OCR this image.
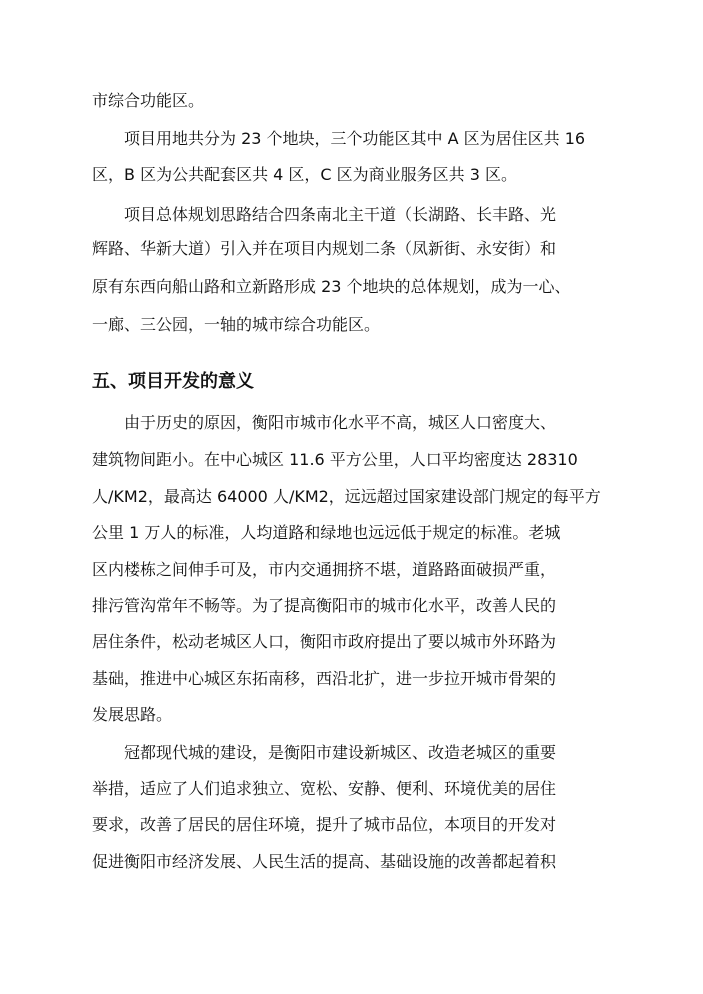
市综合功能区。
项目用地共分为 23 个地块，三个功能区其中 A 区为居住区共 16
区，B 区为公共配套区共 4 区，C 区为商业服务区共 3 区。
项目总体规划思路结合四条南北主干道（长湖路、长丰路、光
辉路、华新大道）引入并在项目内规划二条（凤新街、永安街）和
原有东西向船山路和立新路形成 23 个地块的总体规划，成为一心、
一廊、三公园，一轴的城市综合功能区。
五、项目开发的意义
由于历史的原因，衡阳市城市化水平不高，城区人口密度大、
建筑物间距小。在中心城区 11.6 平方公里，人口平均密度达 28310
人/KM2，最高达 64000 人/KM2，远远超过国家建设部门规定的每平方
公里 1 万人的标准，人均道路和绿地也远远低于规定的标准。老城
区内楼栋之间伸手可及，市内交通拥挤不堪，道路路面破损严重，
排污管沟常年不畅等。为了提高衡阳市的城市化水平，改善人民的
居住条件，松动老城区人口，衡阳市政府提出了要以城市外环路为
基础，推进中心城区东拓南移，西沿北扩，进一步拉开城市骨架的
发展思路。
冠都现代城的建设，是衡阳市建设新城区、改造老城区的重要
举措，适应了人们追求独立、宽松、安静、便利、环境优美的居住
要求，改善了居民的居住环境，提升了城市品位，本项目的开发对
促进衡阳市经济发展、人民生活的提高、基础设施的改善都起着积
